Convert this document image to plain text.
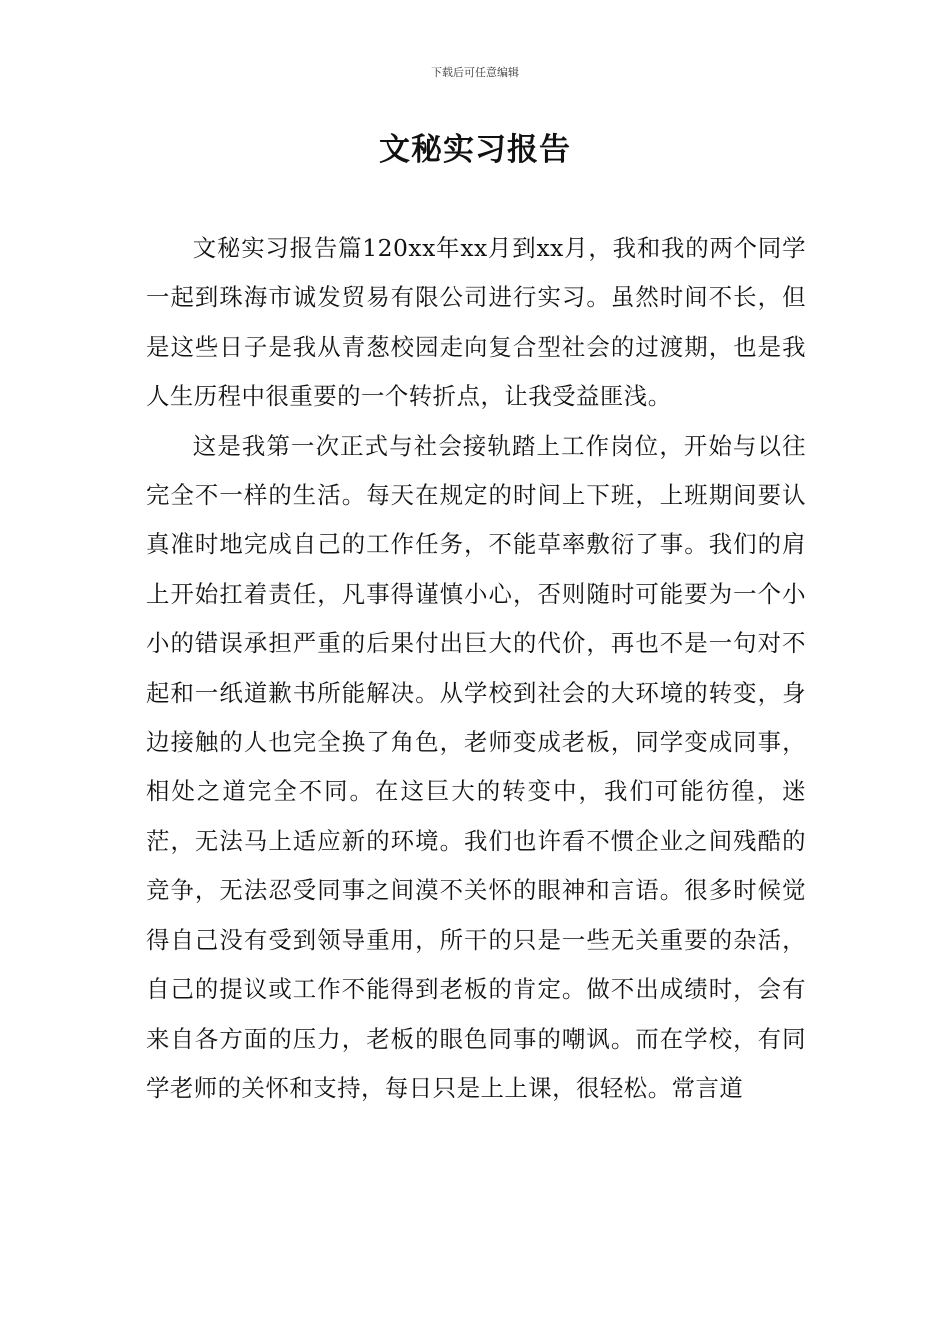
下载后可任意编辑
文秘实习报告

文秘实习报告篇120xx年xx月到xx月，我和我的两个同学一起到珠海市诚发贸易有限公司进行实习。虽然时间不长，但是这些日子是我从青葱校园走向复合型社会的过渡期，也是我人生历程中很重要的一个转折点，让我受益匪浅。

这是我第一次正式与社会接轨踏上工作岗位，开始与以往完全不一样的生活。每天在规定的时间上下班，上班期间要认真准时地完成自己的工作任务，不能草率敷衍了事。我们的肩上开始扛着责任，凡事得谨慎小心，否则随时可能要为一个小小的错误承担严重的后果付出巨大的代价，再也不是一句对不起和一纸道歉书所能解决。从学校到社会的大环境的转变，身边接触的人也完全换了角色，老师变成老板，同学变成同事，相处之道完全不同。在这巨大的转变中，我们可能彷徨，迷茫，无法马上适应新的环境。我们也许看不惯企业之间残酷的竞争，无法忍受同事之间漠不关怀的眼神和言语。很多时候觉得自己没有受到领导重用，所干的只是一些无关重要的杂活，自己的提议或工作不能得到老板的肯定。做不出成绩时，会有来自各方面的压力，老板的眼色同事的嘲讽。而在学校，有同学老师的关怀和支持，每日只是上上课，很轻松。常言道
